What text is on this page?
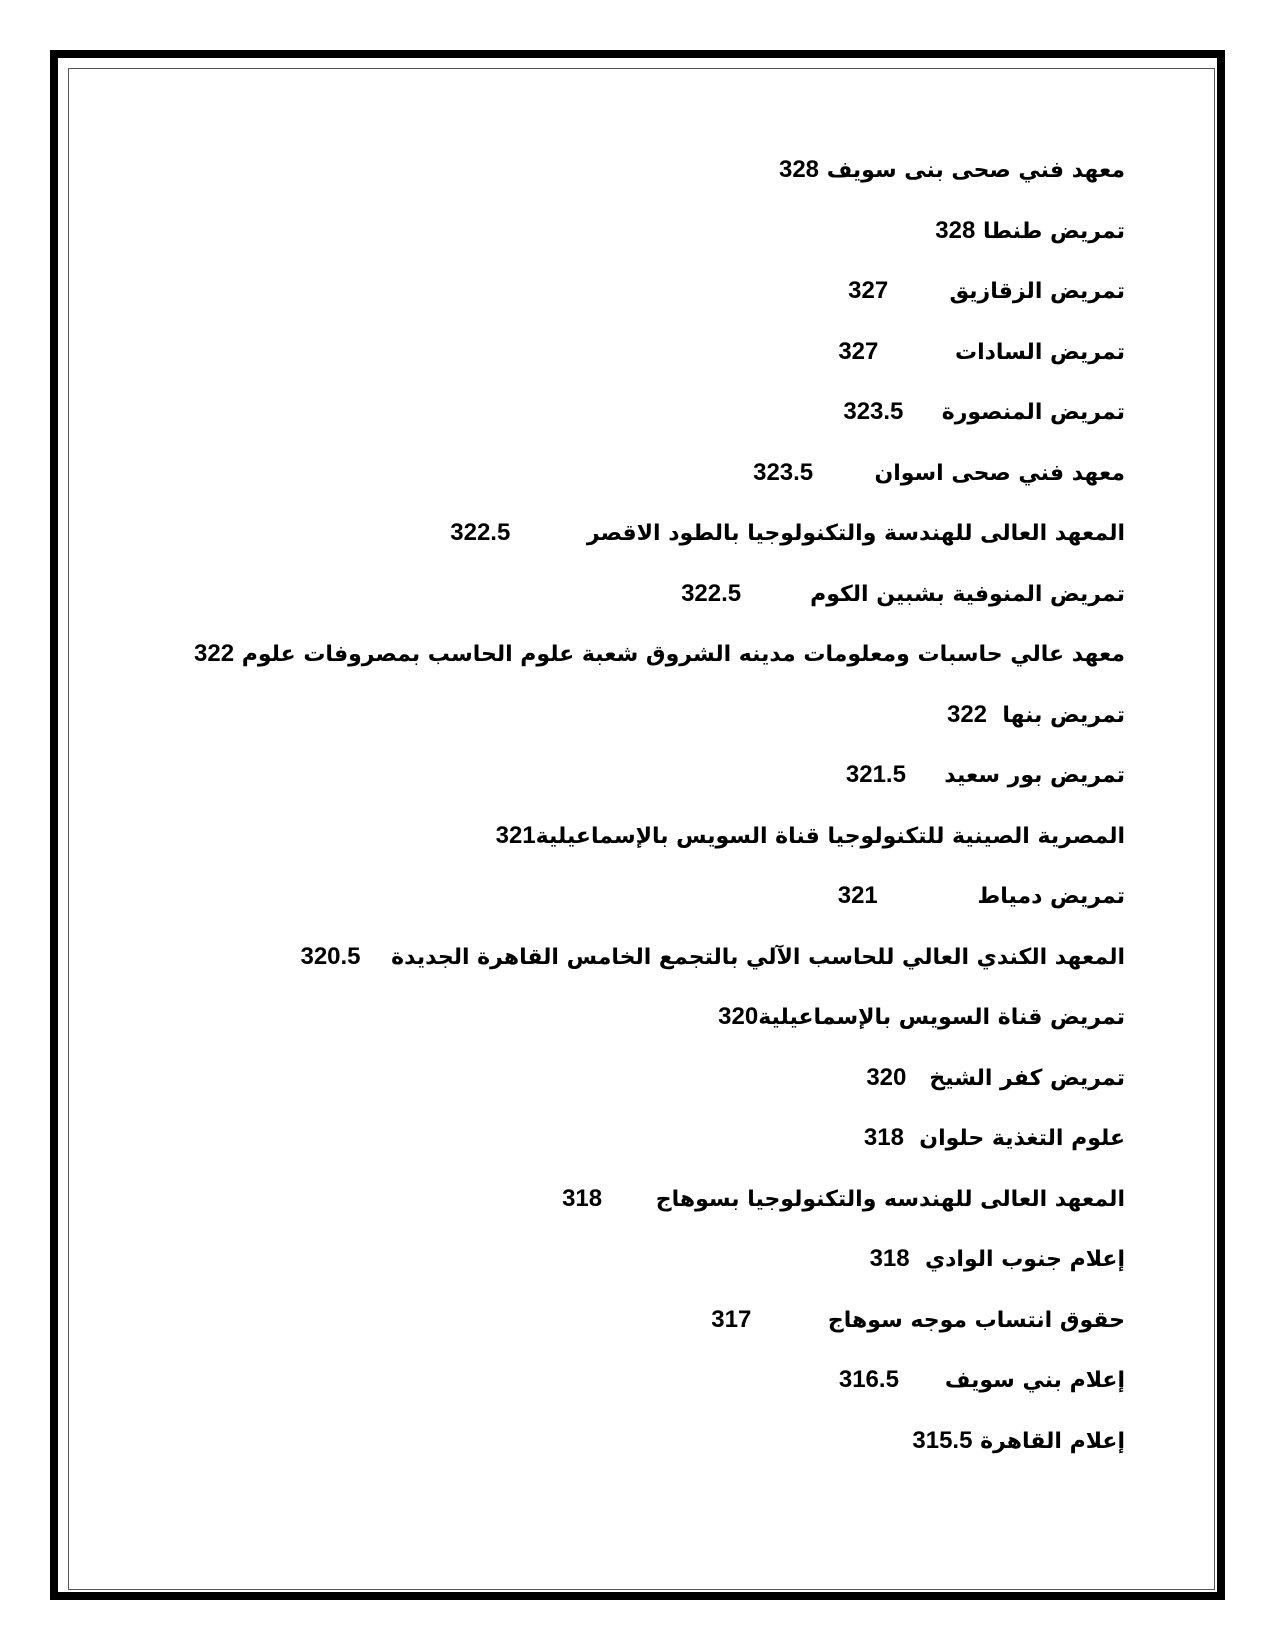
معهد فني صحى بنى سويف 328
تمريض طنطا 328
تمريض الزقازيق        327
تمريض السادات          327
تمريض المنصورة     323.5
معهد فني صحى اسوان        323.5
المعهد العالى للهندسة والتكنولوجيا بالطود الاقصر          322.5
تمريض المنوفية بشبين الكوم         322.5
معهد عالي حاسبات ومعلومات مدينه الشروق شعبة علوم الحاسب بمصروفات علوم 322
تمريض بنها  322
تمريض بور سعيد     321.5
المصرية الصينية للتكنولوجيا قناة السويس بالإسماعيلية321
تمريض دمياط             321
المعهد الكندي العالي للحاسب الآلي بالتجمع الخامس القاهرة الجديدة    320.5
تمريض قناة السويس بالإسماعيلية320
تمريض كفر الشيخ   320
علوم التغذية حلوان  318
المعهد العالى للهندسه والتكنولوجيا بسوهاج       318
إعلام جنوب الوادي  318
حقوق انتساب موجه سوهاج          317
إعلام بني سويف      316.5
إعلام القاهرة 315.5
